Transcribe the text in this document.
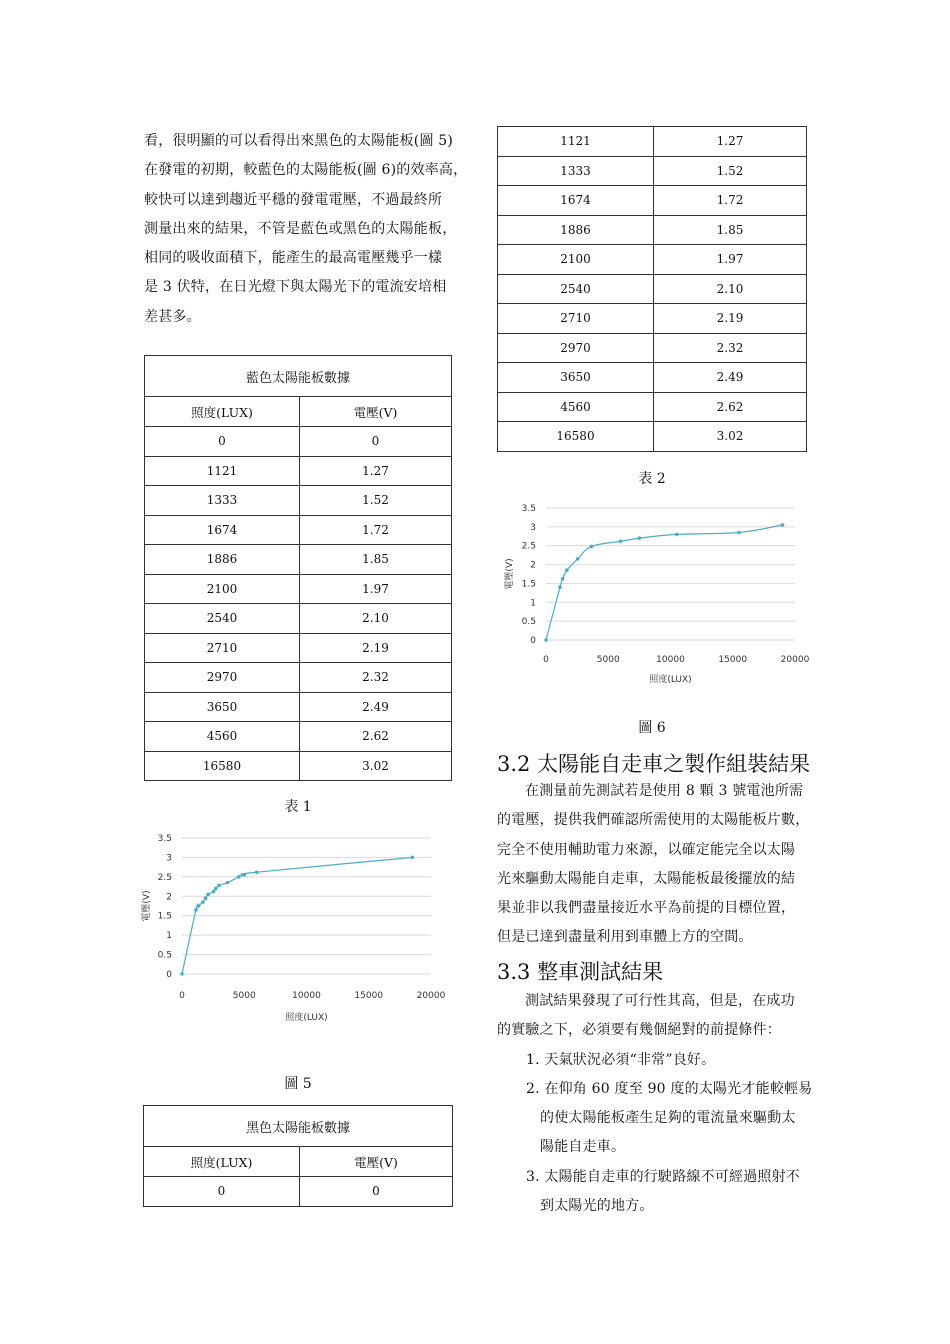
看，很明顯的可以看得出來黑色的太陽能板(圖 5)
在發電的初期，較藍色的太陽能板(圖 6)的效率高，
較快可以達到趨近平穩的發電電壓，不過最終所
測量出來的結果，不管是藍色或黑色的太陽能板，
相同的吸收面積下，能產生的最高電壓幾乎一樣
是 3 伏特，在日光燈下與太陽光下的電流安培相
差甚多。
藍色太陽能板數據	
照度(LUX)	電壓(V)
0	0
1121	1.27
1333	1.52
1674	1.72
1886	1.85
2100	1.97
2540	2.10
2710	2.19
2970	2.32
3650	2.49
4560	2.62
16580	3.02
表 1
0
0.5
1
1.5
2
2.5
3
3.5
0	5000	10000	15000	20000
照度(LUX)
電壓(V)
圖 5
黑色太陽能板數據	
照度(LUX)	電壓(V)
0	0
1121	1.27
1333	1.52
1674	1.72
1886	1.85
2100	1.97
2540	2.10
2710	2.19
2970	2.32
3650	2.49
4560	2.62
16580	3.02
表 2
0
0.5
1
1.5
2
2.5
3
3.5
0	5000	10000	15000	20000
照度(LUX)
電壓(V)
圖 6
3.2 太陽能自走車之製作組裝結果
在測量前先測試若是使用 8 顆 3 號電池所需
的電壓，提供我們確認所需使用的太陽能板片數，
完全不使用輔助電力來源，以確定能完全以太陽
光來驅動太陽能自走車，太陽能板最後擺放的結
果並非以我們盡量接近水平為前提的目標位置，
但是已達到盡量利用到車體上方的空間。
3.3 整車測試結果
測試結果發現了可行性其高，但是，在成功
的實驗之下，必須要有幾個絕對的前提條件：
1. 天氣狀況必須“非常”良好。
2. 在仰角 60 度至 90 度的太陽光才能較輕易
的使太陽能板產生足夠的電流量來驅動太
陽能自走車。
3. 太陽能自走車的行駛路線不可經過照射不
到太陽光的地方。
